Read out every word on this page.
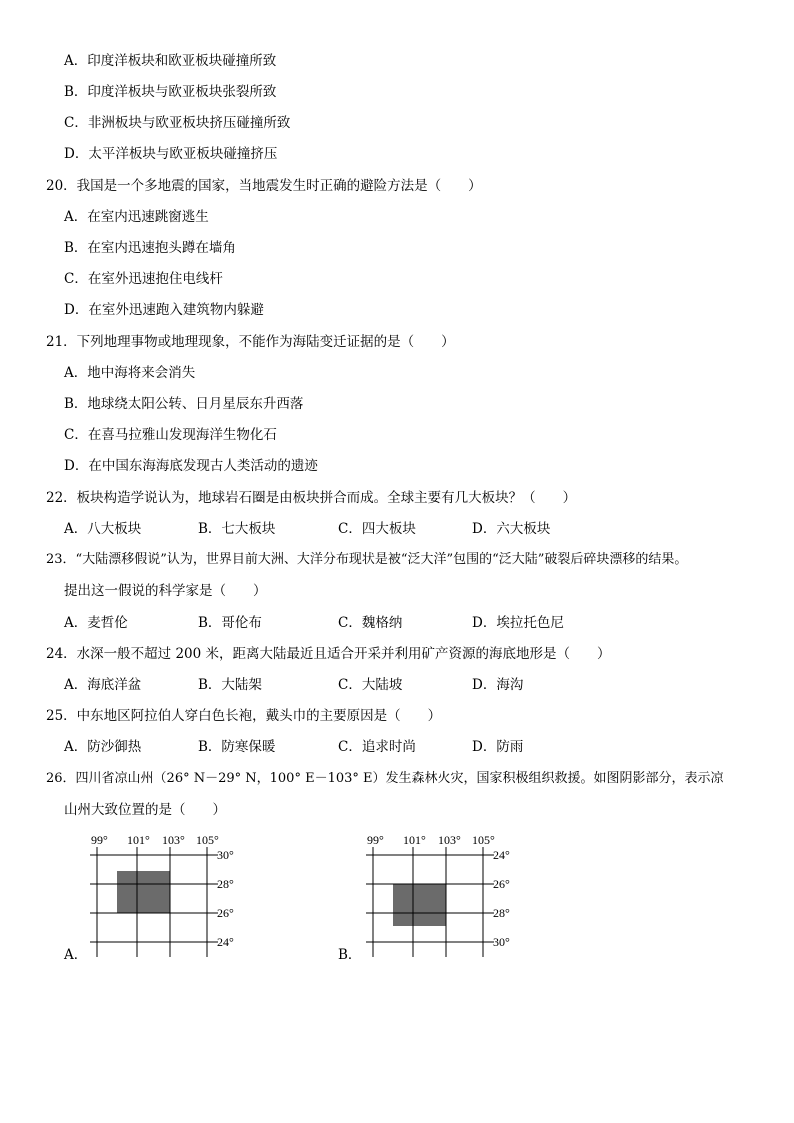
A．印度洋板块和欧亚板块碰撞所致
B．印度洋板块与欧亚板块张裂所致
C．非洲板块与欧亚板块挤压碰撞所致
D．太平洋板块与欧亚板块碰撞挤压
20．我国是一个多地震的国家，当地震发生时正确的避险方法是（　　）
A．在室内迅速跳窗逃生
B．在室内迅速抱头蹲在墙角
C．在室外迅速抱住电线杆
D．在室外迅速跑入建筑物内躲避
21．下列地理事物或地理现象，不能作为海陆变迁证据的是（　　）
A．地中海将来会消失
B．地球绕太阳公转、日月星辰东升西落
C．在喜马拉雅山发现海洋生物化石
D．在中国东海海底发现古人类活动的遗迹
22．板块构造学说认为，地球岩石圈是由板块拼合而成。全球主要有几大板块？（　　）
A．八大板块	B．七大板块	C．四大板块	D．六大板块
23．“大陆漂移假说”认为，世界目前大洲、大洋分布现状是被“泛大洋”包围的“泛大陆”破裂后碎块漂移的结果。
提出这一假说的科学家是（　　）
A．麦哲伦	B．哥伦布	C．魏格纳	D．埃拉托色尼
24．水深一般不超过 200 米，距离大陆最近且适合开采并利用矿产资源的海底地形是（　　）
A．海底洋盆	B．大陆架	C．大陆坡	D．海沟
25．中东地区阿拉伯人穿白色长袍，戴头巾的主要原因是（　　）
A．防沙御热	B．防寒保暖	C．追求时尚	D．防雨
26．四川省凉山州（26° N－29° N，100° E－103° E）发生森林火灾，国家积极组织救援。如图阴影部分，表示凉
山州大致位置的是（　　）
99° 101° 103° 105°
30°
28°
26°
24°
A．
99° 101° 103° 105°
24°
26°
28°
30°
B．
